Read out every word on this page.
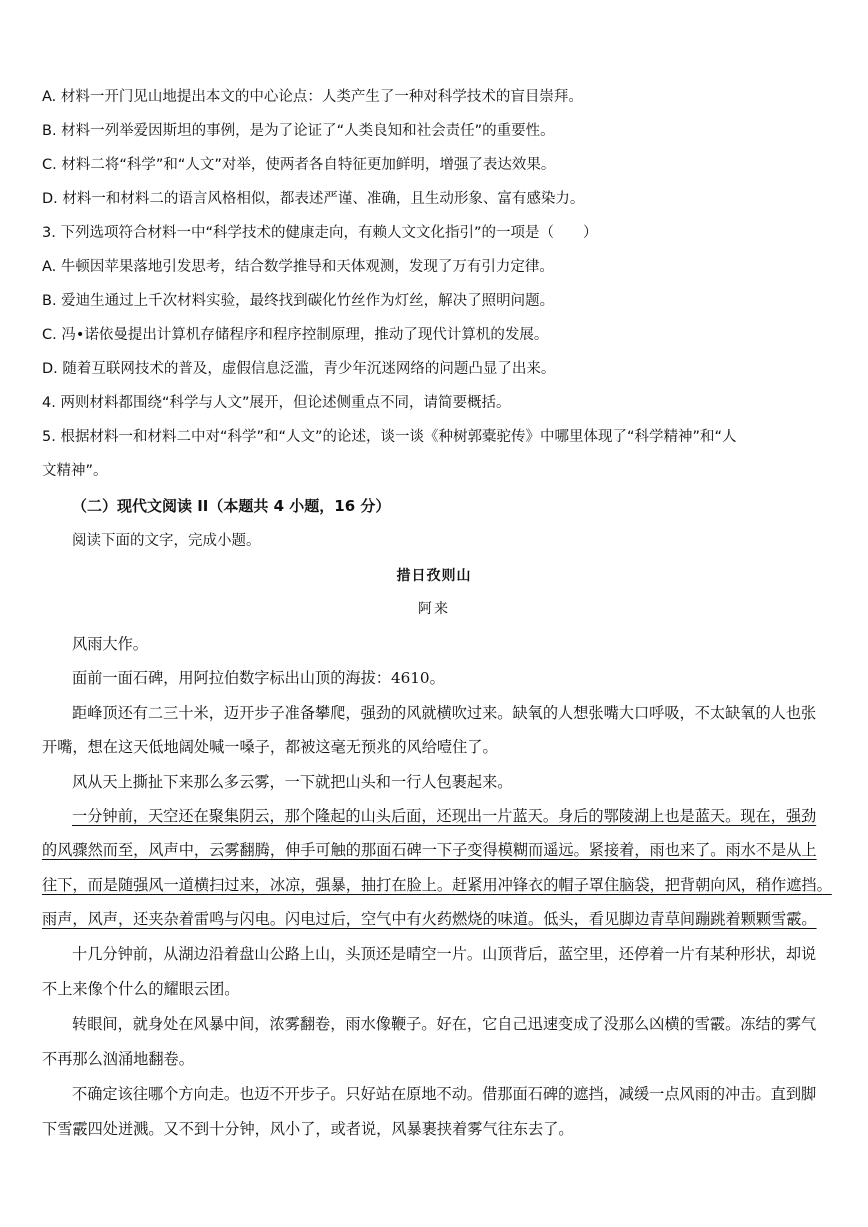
A. 材料一开门见山地提出本文的中心论点：人类产生了一种对科学技术的盲目崇拜。
B. 材料一列举爱因斯坦的事例，是为了论证了“人类良知和社会责任”的重要性。
C. 材料二将“科学”和“人文”对举，使两者各自特征更加鲜明，增强了表达效果。
D. 材料一和材料二的语言风格相似，都表述严谨、准确，且生动形象、富有感染力。
3. 下列选项符合材料一中“科学技术的健康走向，有赖人文文化指引”的一项是（　　）
A. 牛顿因苹果落地引发思考，结合数学推导和天体观测，发现了万有引力定律。
B. 爱迪生通过上千次材料实验，最终找到碳化竹丝作为灯丝，解决了照明问题。
C. 冯•诺依曼提出计算机存储程序和程序控制原理，推动了现代计算机的发展。
D. 随着互联网技术的普及，虚假信息泛滥，青少年沉迷网络的问题凸显了出来。
4. 两则材料都围绕“科学与人文”展开，但论述侧重点不同，请简要概括。
5. 根据材料一和材料二中对“科学”和“人文”的论述，谈一谈《种树郭橐驼传》中哪里体现了“科学精神”和“人
文精神”。
（二）现代文阅读 II（本题共 4 小题，16 分）
阅读下面的文字，完成小题。
措日孜则山
阿来
风雨大作。
面前一面石碑，用阿拉伯数字标出山顶的海拔：4610。
距峰顶还有二三十米，迈开步子准备攀爬，强劲的风就横吹过来。缺氧的人想张嘴大口呼吸，不太缺氧的人也张
开嘴，想在这天低地阔处喊一嗓子，都被这毫无预兆的风给噎住了。
风从天上撕扯下来那么多云雾，一下就把山头和一行人包裹起来。
一分钟前，天空还在聚集阴云，那个隆起的山头后面，还现出一片蓝天。身后的鄂陵湖上也是蓝天。现在，强劲
的风骤然而至，风声中，云雾翻腾，伸手可触的那面石碑一下子变得模糊而遥远。紧接着，雨也来了。雨水不是从上
往下，而是随强风一道横扫过来，冰凉，强暴，抽打在脸上。赶紧用冲锋衣的帽子罩住脑袋，把背朝向风，稍作遮挡。
雨声，风声，还夹杂着雷鸣与闪电。闪电过后，空气中有火药燃烧的味道。低头，看见脚边青草间蹦跳着颗颗雪霰。
十几分钟前，从湖边沿着盘山公路上山，头顶还是晴空一片。山顶背后，蓝空里，还停着一片有某种形状，却说
不上来像个什么的耀眼云团。
转眼间，就身处在风暴中间，浓雾翻卷，雨水像鞭子。好在，它自己迅速变成了没那么凶横的雪霰。冻结的雾气
不再那么汹涌地翻卷。
不确定该往哪个方向走。也迈不开步子。只好站在原地不动。借那面石碑的遮挡，减缓一点风雨的冲击。直到脚
下雪霰四处迸溅。又不到十分钟，风小了，或者说，风暴裹挟着雾气往东去了。
